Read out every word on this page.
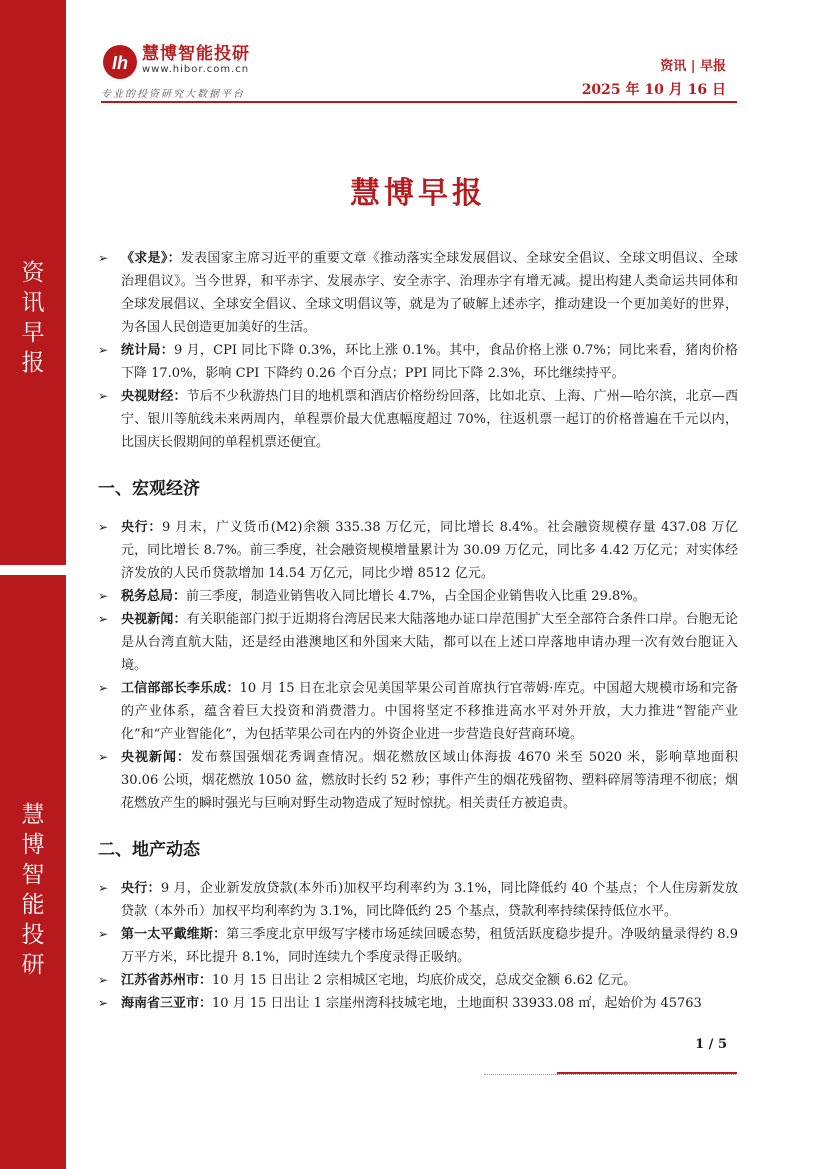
资
讯
早
报
慧
博
智
能
投
研
Ih 慧博智能投研
www.hibor.com.cn
专业的投资研究大数据平台
资讯 | 早报
2025 年 10 月 16 日
慧博早报
➢ 《求是》：发表国家主席习近平的重要文章《推动落实全球发展倡议、全球安全倡议、全球文明倡议、全球治理倡议》。当今世界，和平赤字、发展赤字、安全赤字、治理赤字有增无减。提出构建人类命运共同体和全球发展倡议、全球安全倡议、全球文明倡议等，就是为了破解上述赤字，推动建设一个更加美好的世界，为各国人民创造更加美好的生活。
➢ 统计局：9 月，CPI 同比下降 0.3%，环比上涨 0.1%。其中，食品价格上涨 0.7%；同比来看，猪肉价格下降 17.0%，影响 CPI 下降约 0.26 个百分点；PPI 同比下降 2.3%，环比继续持平。
➢ 央视财经：节后不少秋游热门目的地机票和酒店价格纷纷回落，比如北京、上海、广州—哈尔滨，北京—西宁、银川等航线未来两周内，单程票价最大优惠幅度超过 70%，往返机票一起订的价格普遍在千元以内，比国庆长假期间的单程机票还便宜。
一、宏观经济
➢ 央行：9 月末，广义货币(M2)余额 335.38 万亿元，同比增长 8.4%。社会融资规模存量 437.08 万亿元，同比增长 8.7%。前三季度，社会融资规模增量累计为 30.09 万亿元，同比多 4.42 万亿元；对实体经济发放的人民币贷款增加 14.54 万亿元，同比少增 8512 亿元。
➢ 税务总局：前三季度，制造业销售收入同比增长 4.7%，占全国企业销售收入比重 29.8%。
➢ 央视新闻：有关职能部门拟于近期将台湾居民来大陆落地办证口岸范围扩大至全部符合条件口岸。台胞无论是从台湾直航大陆，还是经由港澳地区和外国来大陆，都可以在上述口岸落地申请办理一次有效台胞证入境。
➢ 工信部部长李乐成：10 月 15 日在北京会见美国苹果公司首席执行官蒂姆·库克。中国超大规模市场和完备的产业体系，蕴含着巨大投资和消费潜力。中国将坚定不移推进高水平对外开放，大力推进“智能产业化”和“产业智能化”，为包括苹果公司在内的外资企业进一步营造良好营商环境。
➢ 央视新闻：发布蔡国强烟花秀调查情况。烟花燃放区域山体海拔 4670 米至 5020 米，影响草地面积 30.06 公顷，烟花燃放 1050 盆，燃放时长约 52 秒；事件产生的烟花残留物、塑料碎屑等清理不彻底；烟花燃放产生的瞬时强光与巨响对野生动物造成了短时惊扰。相关责任方被追责。
二、地产动态
➢ 央行：9 月，企业新发放贷款(本外币)加权平均利率约为 3.1%，同比降低约 40 个基点；个人住房新发放贷款（本外币）加权平均利率约为 3.1%，同比降低约 25 个基点，贷款利率持续保持低位水平。
➢ 第一太平戴维斯：第三季度北京甲级写字楼市场延续回暖态势，租赁活跃度稳步提升。净吸纳量录得约 8.9 万平方米，环比提升 8.1%，同时连续九个季度录得正吸纳。
➢ 江苏省苏州市：10 月 15 日出让 2 宗相城区宅地，均底价成交，总成交金额 6.62 亿元。
➢ 海南省三亚市：10 月 15 日出让 1 宗崖州湾科技城宅地，土地面积 33933.08 ㎡，起始价为 45763
1 / 5
